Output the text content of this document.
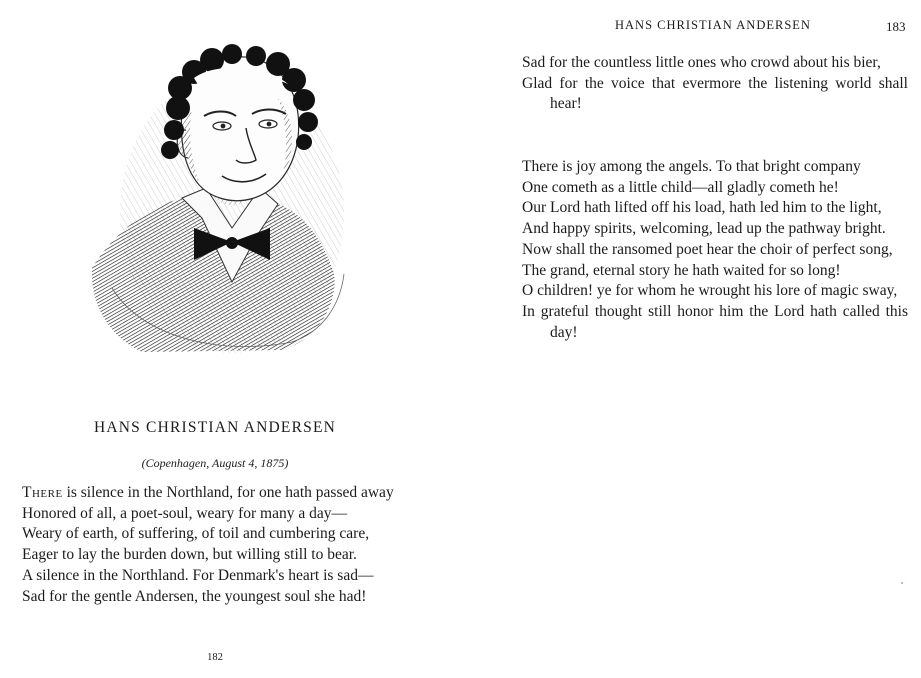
HANS CHRISTIAN ANDERSEN

(Copenhagen, August 4, 1875)

There is silence in the Northland, for one hath passed away
Honored of all, a poet-soul, weary for many a day—
Weary of earth, of suffering, of toil and cumbering care,
Eager to lay the burden down, but willing still to bear.
A silence in the Northland. For Denmark's heart is sad—
Sad for the gentle Andersen, the youngest soul she had!
182
HANS CHRISTIAN ANDERSEN	183
Sad for the countless little ones who crowd about his bier,
Glad for the voice that evermore the listening world shall hear!
There is joy among the angels. To that bright company
One cometh as a little child—all gladly cometh he!
Our Lord hath lifted off his load, hath led him to the light,
And happy spirits, welcoming, lead up the pathway bright.
Now shall the ransomed poet hear the choir of perfect song,
The grand, eternal story he hath waited for so long!
O children! ye for whom he wrought his lore of magic sway,
In grateful thought still honor him the Lord hath called this day!
